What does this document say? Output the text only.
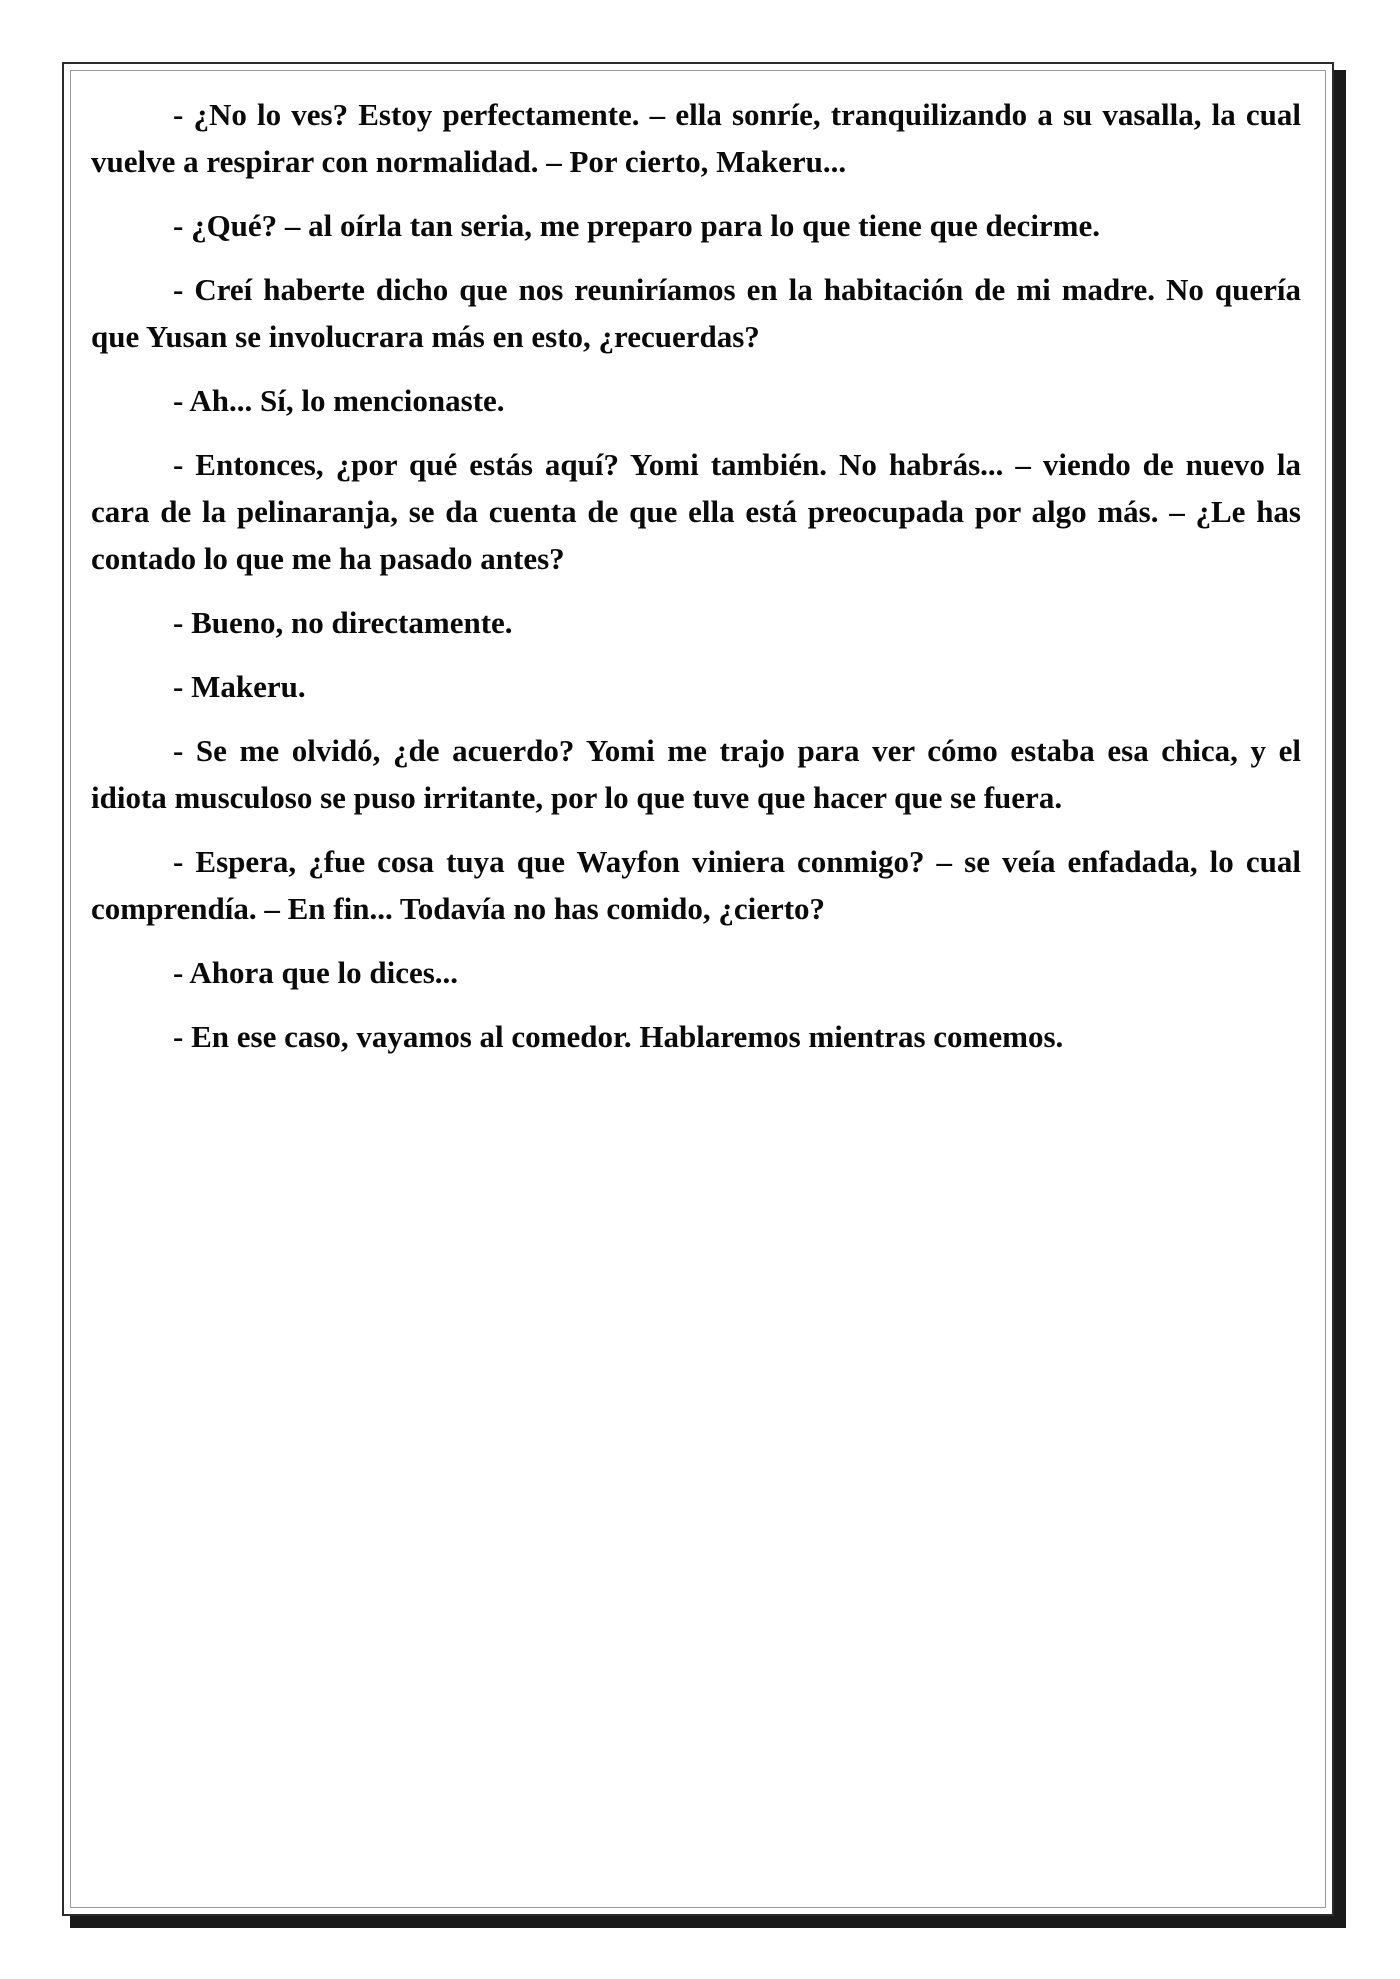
- ¿No lo ves? Estoy perfectamente. – ella sonríe, tranquilizando a su vasalla, la cual vuelve a respirar con normalidad. – Por cierto, Makeru...

- ¿Qué? – al oírla tan seria, me preparo para lo que tiene que decirme.

- Creí haberte dicho que nos reuniríamos en la habitación de mi madre. No quería que Yusan se involucrara más en esto, ¿recuerdas?

- Ah... Sí, lo mencionaste.

- Entonces, ¿por qué estás aquí? Yomi también. No habrás... – viendo de nuevo la cara de la pelinaranja, se da cuenta de que ella está preocupada por algo más. – ¿Le has contado lo que me ha pasado antes?

- Bueno, no directamente.

- Makeru.

- Se me olvidó, ¿de acuerdo? Yomi me trajo para ver cómo estaba esa chica, y el idiota musculoso se puso irritante, por lo que tuve que hacer que se fuera.

- Espera, ¿fue cosa tuya que Wayfon viniera conmigo? – se veía enfadada, lo cual comprendía. – En fin... Todavía no has comido, ¿cierto?

- Ahora que lo dices...

- En ese caso, vayamos al comedor. Hablaremos mientras comemos.
